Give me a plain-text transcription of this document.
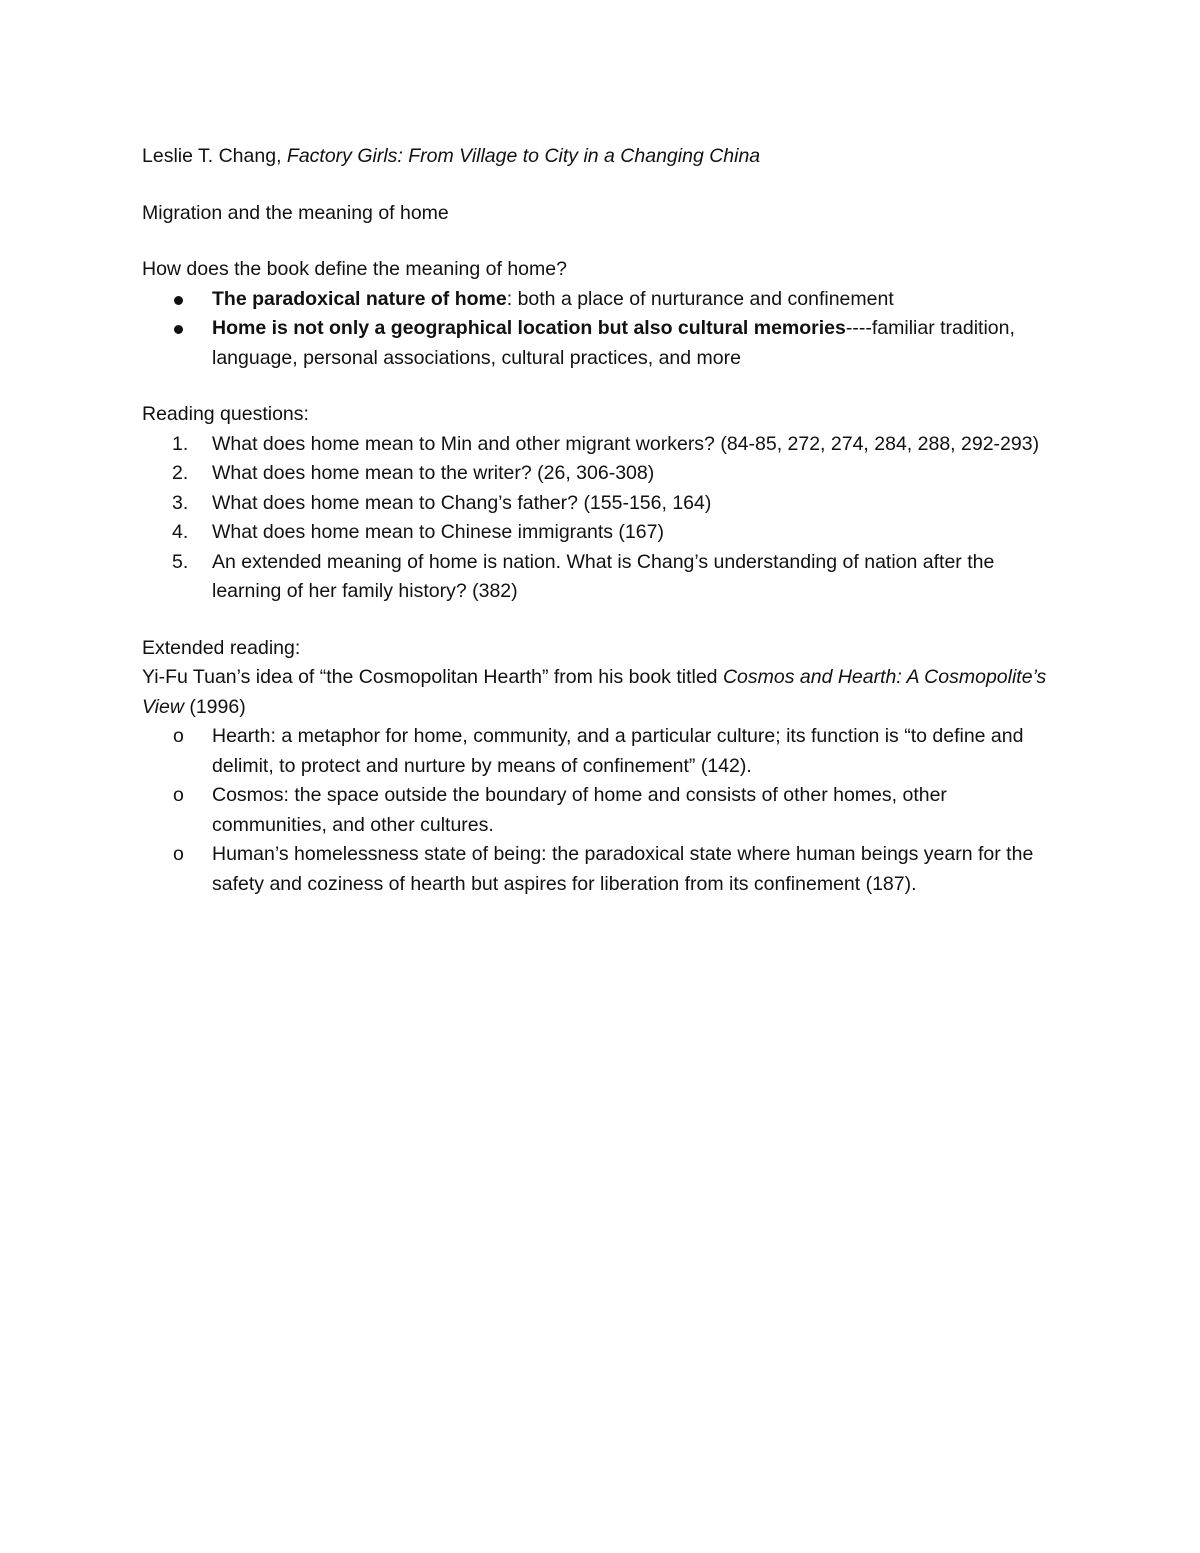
Leslie T. Chang, Factory Girls: From Village to City in a Changing China

Migration and the meaning of home

How does the book define the meaning of home?

The paradoxical nature of home: both a place of nurturance and confinement
Home is not only a geographical location but also cultural memories----familiar tradition, language, personal associations, cultural practices, and more

Reading questions:

1.	What does home mean to Min and other migrant workers? (84-85, 272, 274, 284, 288, 292-293)
2.	What does home mean to the writer? (26, 306-308)
3.	What does home mean to Chang’s father? (155-156, 164)
4.	What does home mean to Chinese immigrants (167)
5.	An extended meaning of home is nation. What is Chang’s understanding of nation after the learning of her family history? (382)

Extended reading:

Yi-Fu Tuan’s idea of “the Cosmopolitan Hearth” from his book titled Cosmos and Hearth: A Cosmopolite’s View (1996)

o	Hearth: a metaphor for home, community, and a particular culture; its function is “to define and delimit, to protect and nurture by means of confinement” (142).
o	Cosmos: the space outside the boundary of home and consists of other homes, other communities, and other cultures.
o	Human’s homelessness state of being: the paradoxical state where human beings yearn for the safety and coziness of hearth but aspires for liberation from its confinement (187).
